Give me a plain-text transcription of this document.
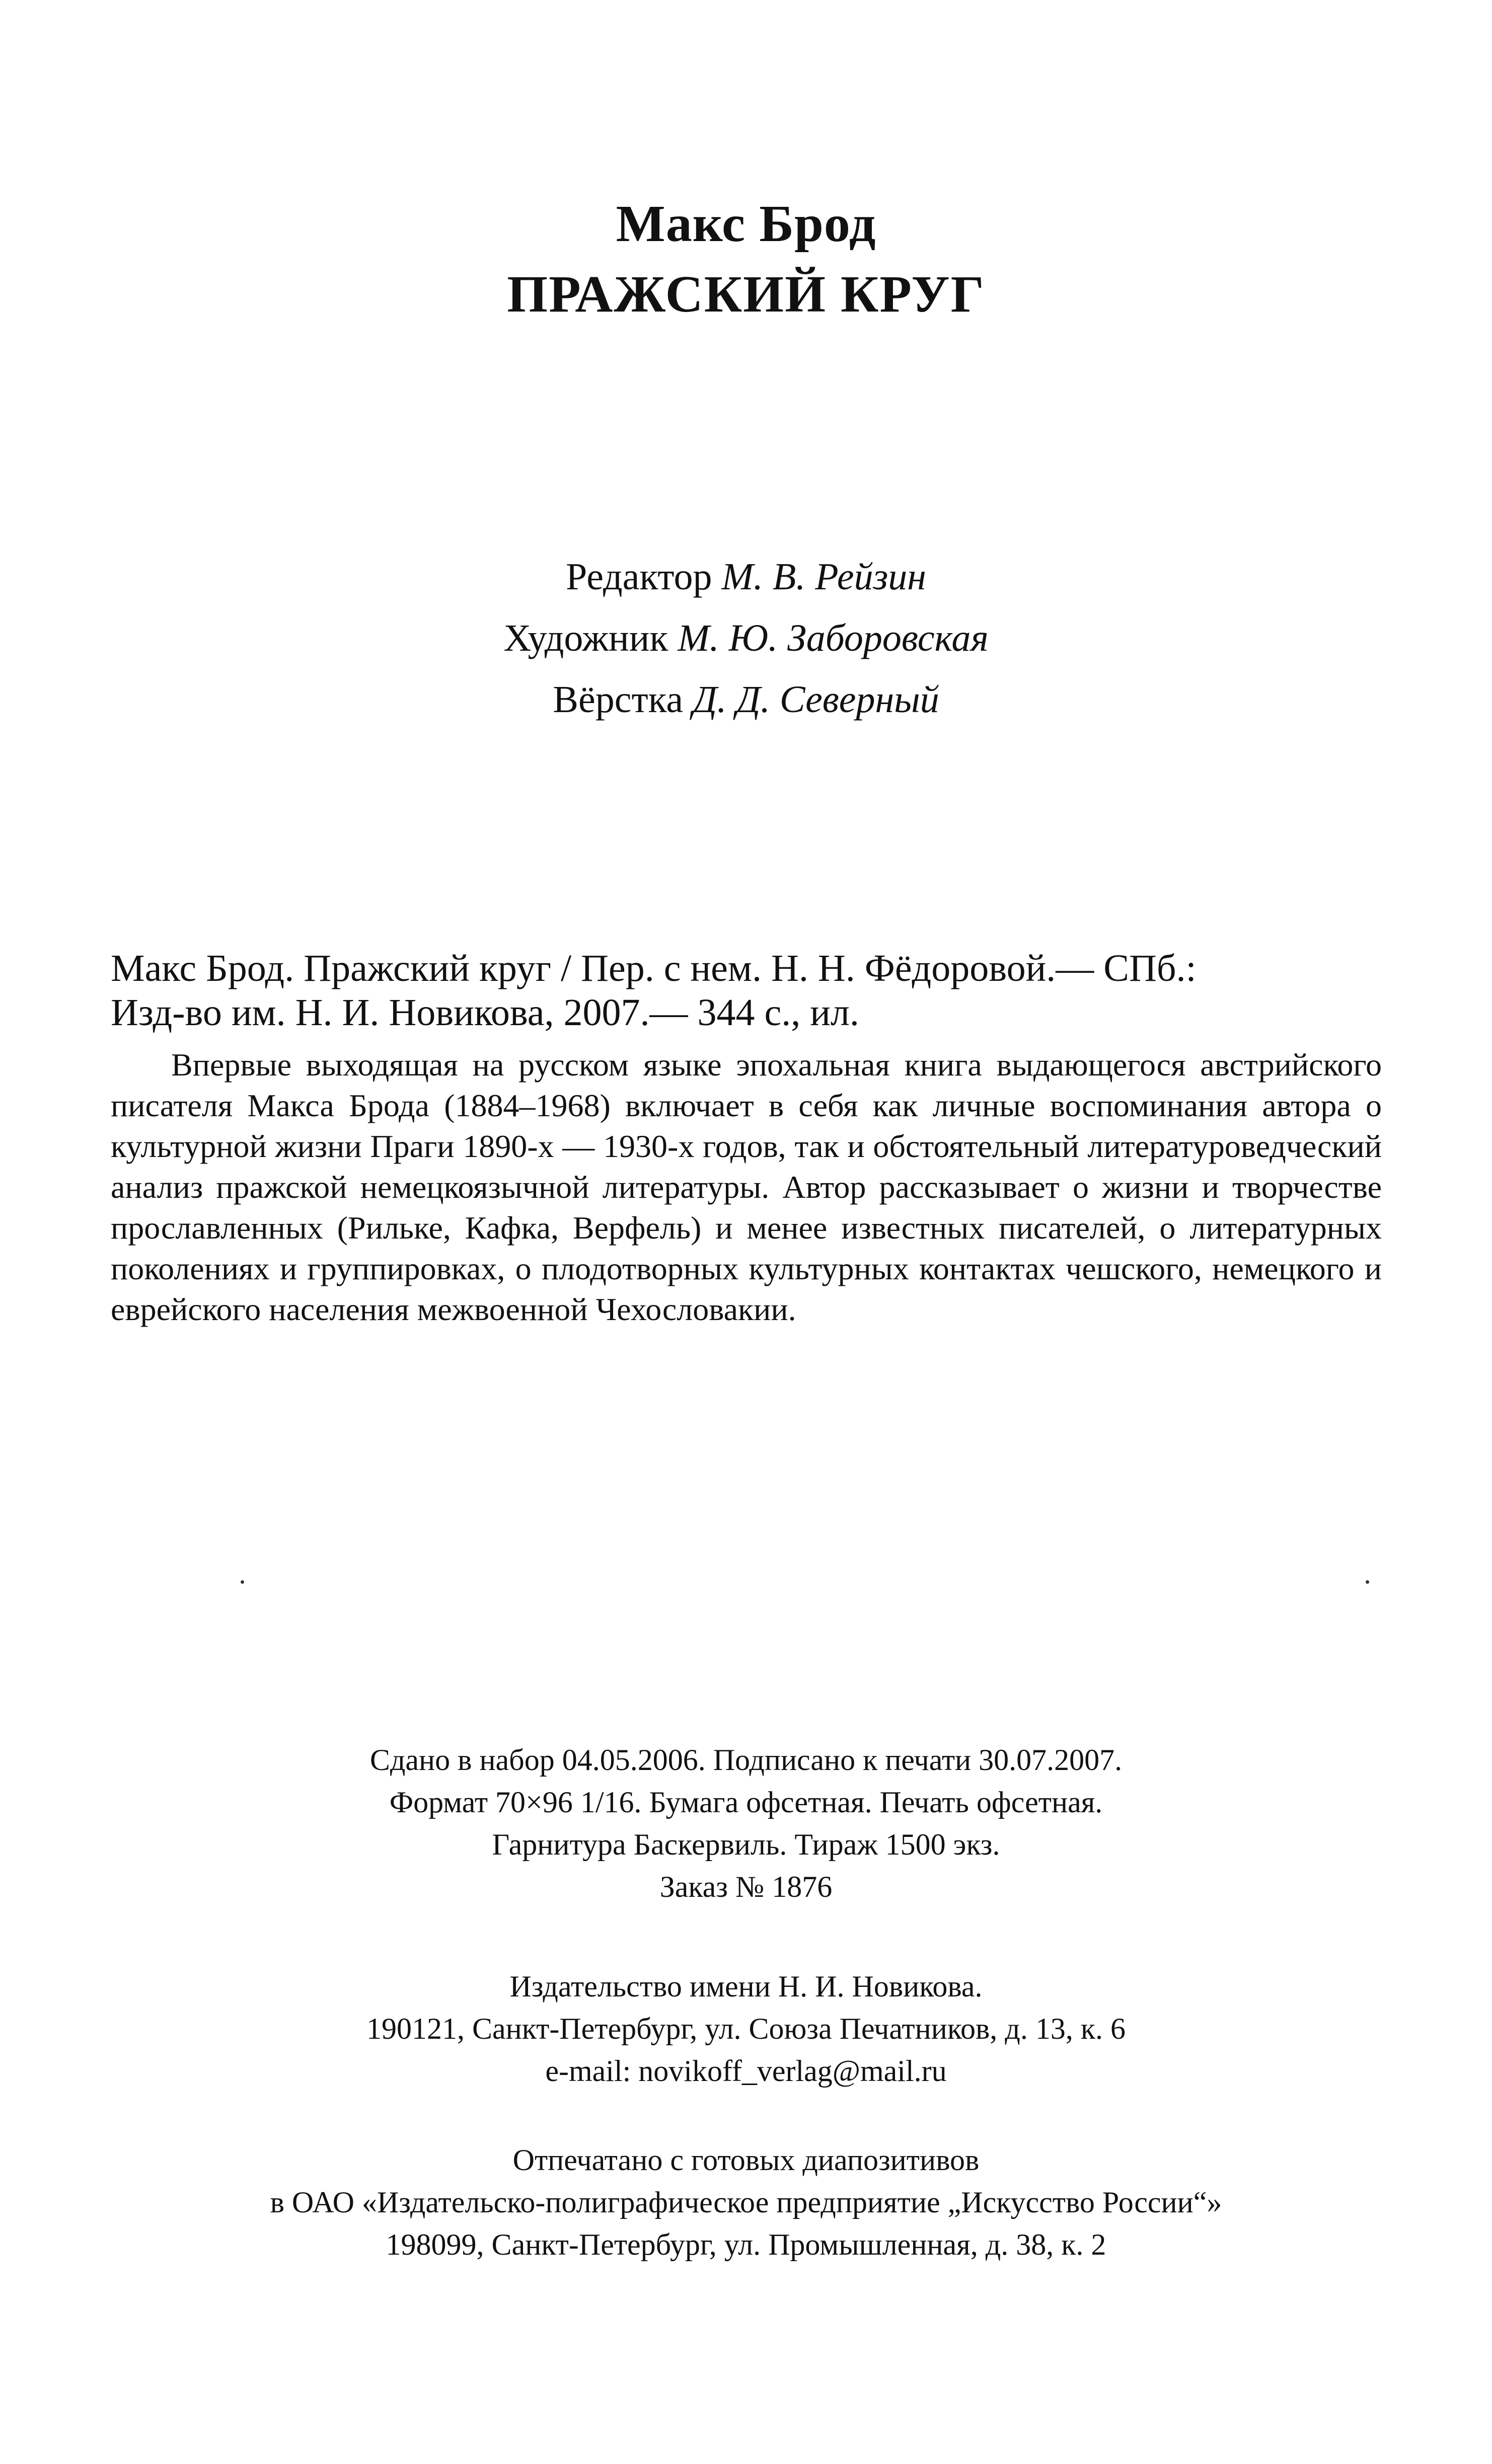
Макс Брод
ПРАЖСКИЙ КРУГ
Редактор М. В. Рейзин
Художник М. Ю. Заборовская
Вёрстка Д. Д. Северный
Макс Брод. Пражский круг / Пер. с нем. Н. Н. Фёдоровой.— СПб.:
Изд-во им. Н. И. Новикова, 2007.— 344 с., ил.
Впервые выходящая на русском языке эпохальная книга выдающегося австрийского писателя Макса Брода (1884–1968) включает в себя как личные воспоминания автора о культурной жизни Праги 1890-х — 1930-х годов, так и обстоятельный литературоведческий анализ пражской немецкоязычной литературы. Автор рассказывает о жизни и творчестве прославленных (Рильке, Кафка, Верфель) и менее известных писателей, о литературных поколениях и группировках, о плодотворных культурных контактах чешского, немецкого и еврейского населения межвоенной Чехословакии.
Сдано в набор 04.05.2006. Подписано к печати 30.07.2007.
Формат 70×96 1/16. Бумага офсетная. Печать офсетная.
Гарнитура Баскервиль. Тираж 1500 экз.
Заказ № 1876
Издательство имени Н. И. Новикова.
190121, Санкт-Петербург, ул. Союза Печатников, д. 13, к. 6
e-mail: novikoff_verlag@mail.ru
Отпечатано с готовых диапозитивов
в ОАО «Издательско-полиграфическое предприятие „Искусство России“»
198099, Санкт-Петербург, ул. Промышленная, д. 38, к. 2
